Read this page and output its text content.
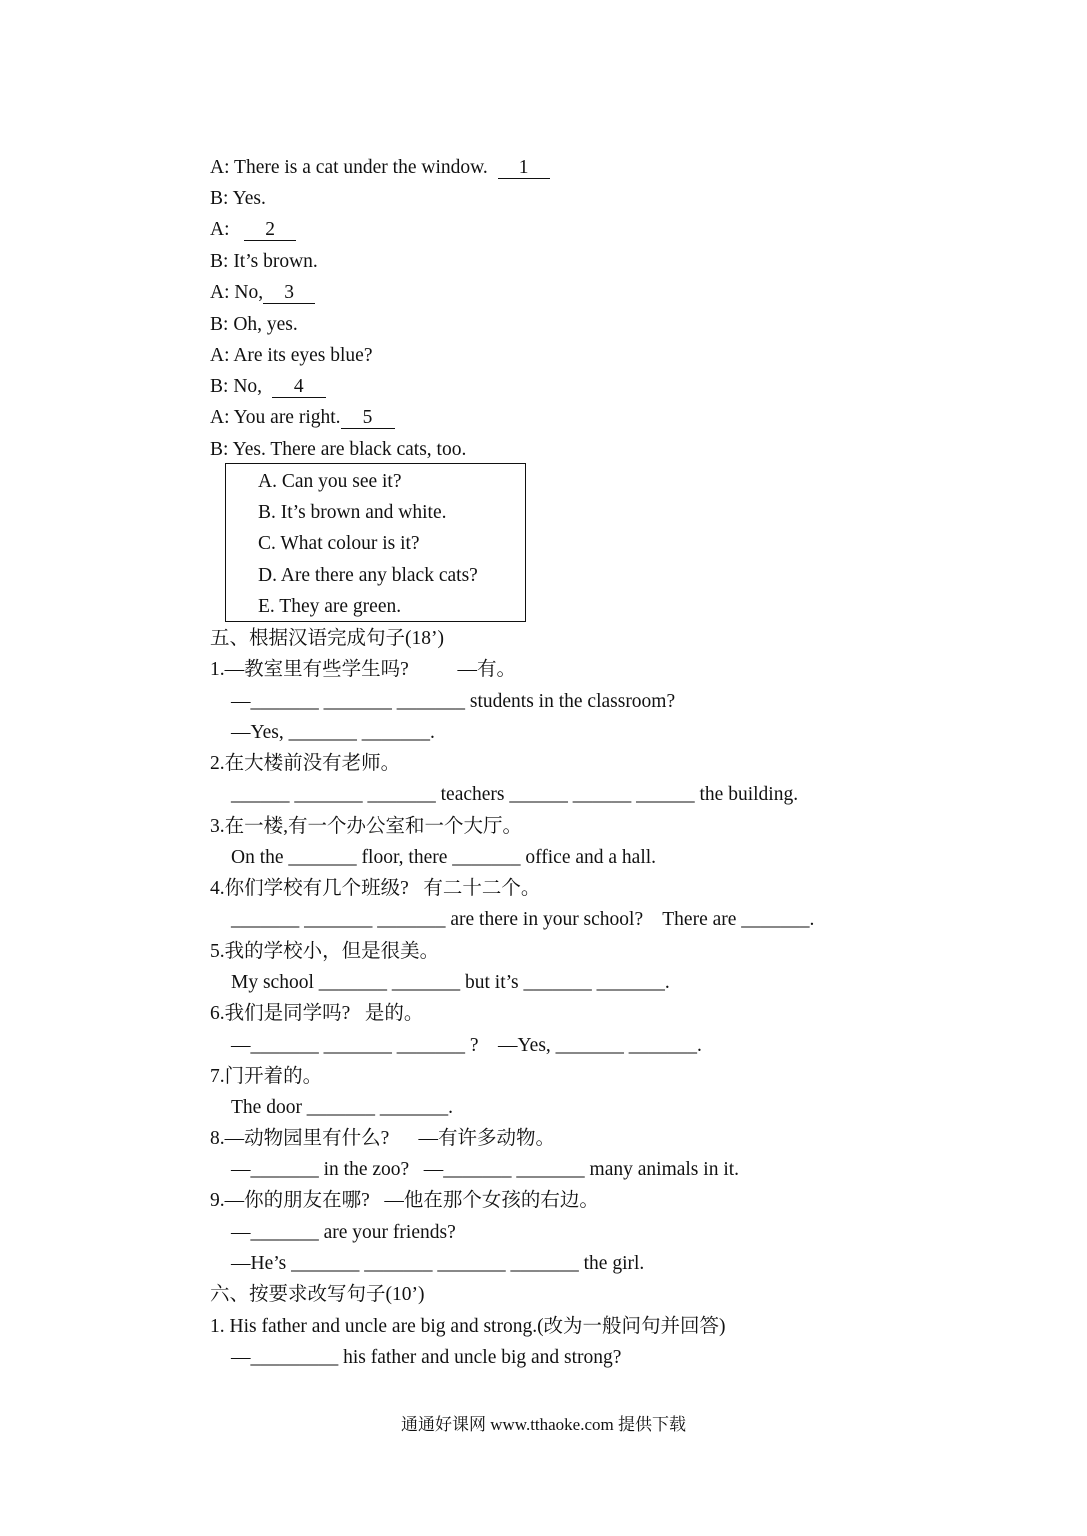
A: There is a cat under the window. 1
B: Yes.
A:   2
B: It’s brown.
A: No, 3
B: Oh, yes.
A: Are its eyes blue?
B: No, 4
A: You are right. 5
B: Yes. There are black cats, too.
A. Can you see it?
B. It’s brown and white.
C. What colour is it?
D. Are there any black cats?
E. They are green.
五、根据汉语完成句子(18’)
1.—教室里有些学生吗?          —有。
—_______ _______ _______ students in the classroom?
—Yes, _______ _______.
2.在大楼前没有老师。
______ _______ _______ teachers ______ ______ ______ the building.
3.在一楼,有一个办公室和一个大厅。
On the _______ floor, there _______ office and a hall.
4.你们学校有几个班级?   有二十二个。
_______ _______ _______ are there in your school?    There are _______.
5.我的学校小，但是很美。
My school _______ _______ but it’s _______ _______.
6.我们是同学吗?   是的。
—_______ _______ _______ ?    —Yes, _______ _______.
7.门开着的。
The door _______ _______.
8.—动物园里有什么?      —有许多动物。
—_______ in the zoo?   —_______ _______ many animals in it.
9.—你的朋友在哪?   —他在那个女孩的右边。
—_______ are your friends?
—He’s _______ _______ _______ _______ the girl.
六、按要求改写句子(10’)
1. His father and uncle are big and strong.(改为一般问句并回答)
—_________ his father and uncle big and strong?
通通好课网 www.tthaoke.com 提供下载
